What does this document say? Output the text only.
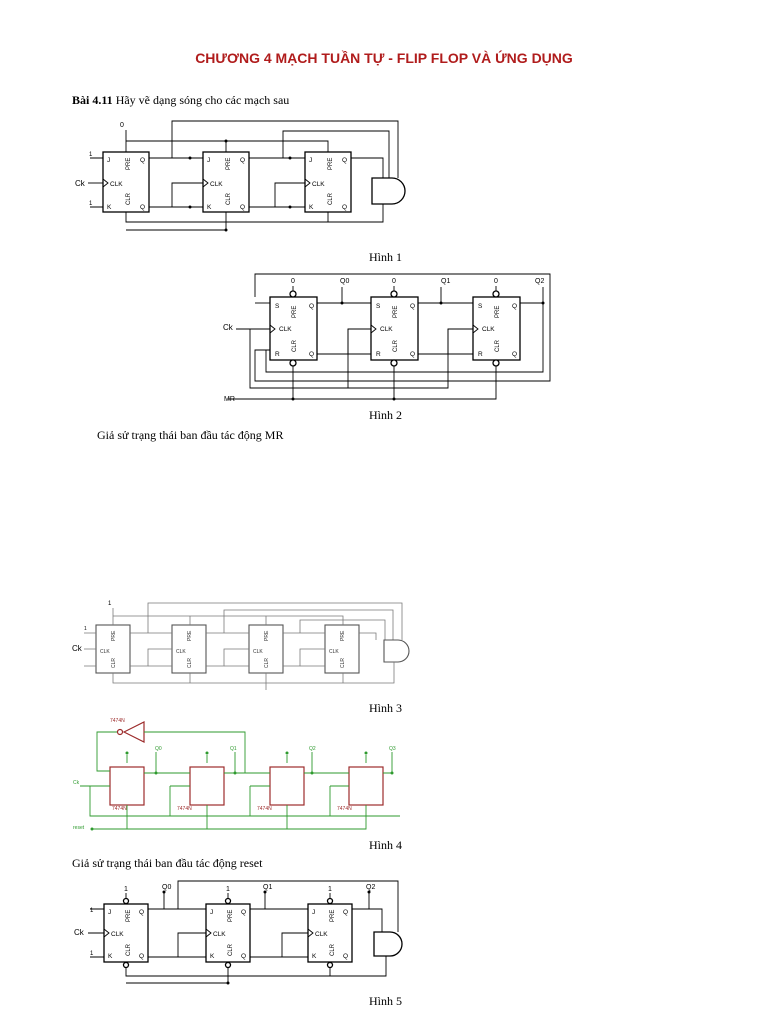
CHƯƠNG 4 MẠCH TUẦN TỰ - FLIP FLOP VÀ ỨNG DỤNG
Bài 4.11 Hãy vẽ dạng sóng cho các mạch sau
J
K
Q
Q
CLK
J
K
Q
Q
CLK
J
K
Q
Q
CLK
PRE
CLR
PRE
CLR
PRE
CLR
1
1
Ck
0
Hình 1
S
R
Q
Q
CLK
S
R
Q
Q
CLK
S
R
Q
Q
CLK
PRE
CLR
PRE
CLR
PRE
CLR
0	0	0
Q0	Q1	Q2
Ck
MR
Hình 2
Giả sử trạng thái ban đầu tác động MR
PRE
CLR
PRE
CLR
PRE
CLR
PRE
CLR
CLK	CLK	CLK	CLK
1
1
Ck
Hình 3
7474N
7474N	7474N	7474N	7474N
Q0	Q1	Q2	Q3
Ck
reset
Hình 4
Giả sử trạng thái ban đầu tác động reset
J
K
Q
Q
CLK
J
K
Q
Q
CLK
J
K
Q
Q
CLK
PRE
CLR
PRE
CLR
PRE
CLR
1	1	1
Q0	Q1	Q2
1
1
Ck
Hình 5
